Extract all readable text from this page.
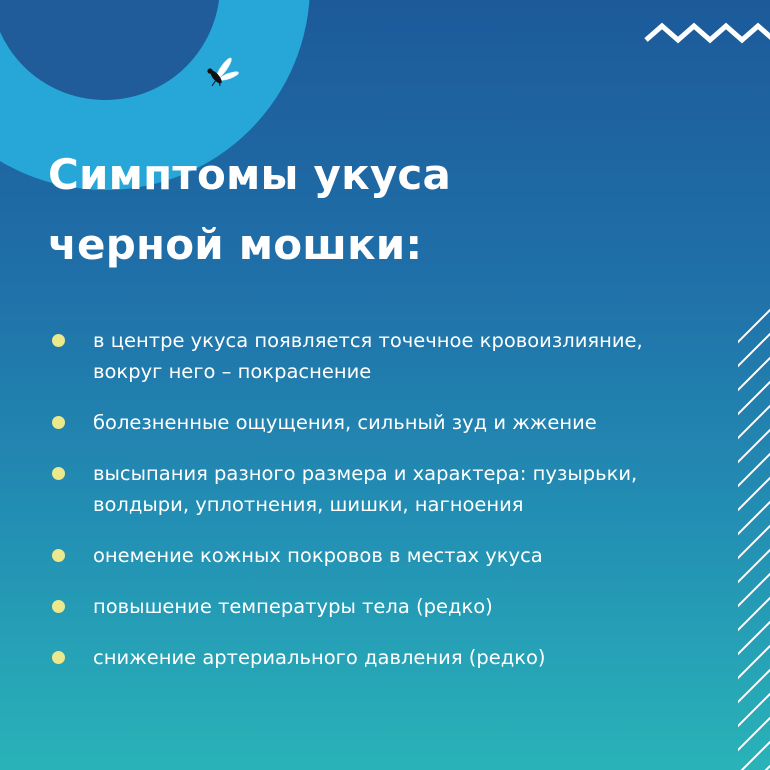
Симптомы укуса
черной мошки:
в центре укуса появляется точечное кровоизлияние, вокруг него – покраснение
болезненные ощущения, сильный зуд и жжение
высыпания разного размера и характера: пузырьки, волдыри, уплотнения, шишки, нагноения
онемение кожных покровов в местах укуса
повышение температуры тела (редко)
снижение артериального давления (редко)
